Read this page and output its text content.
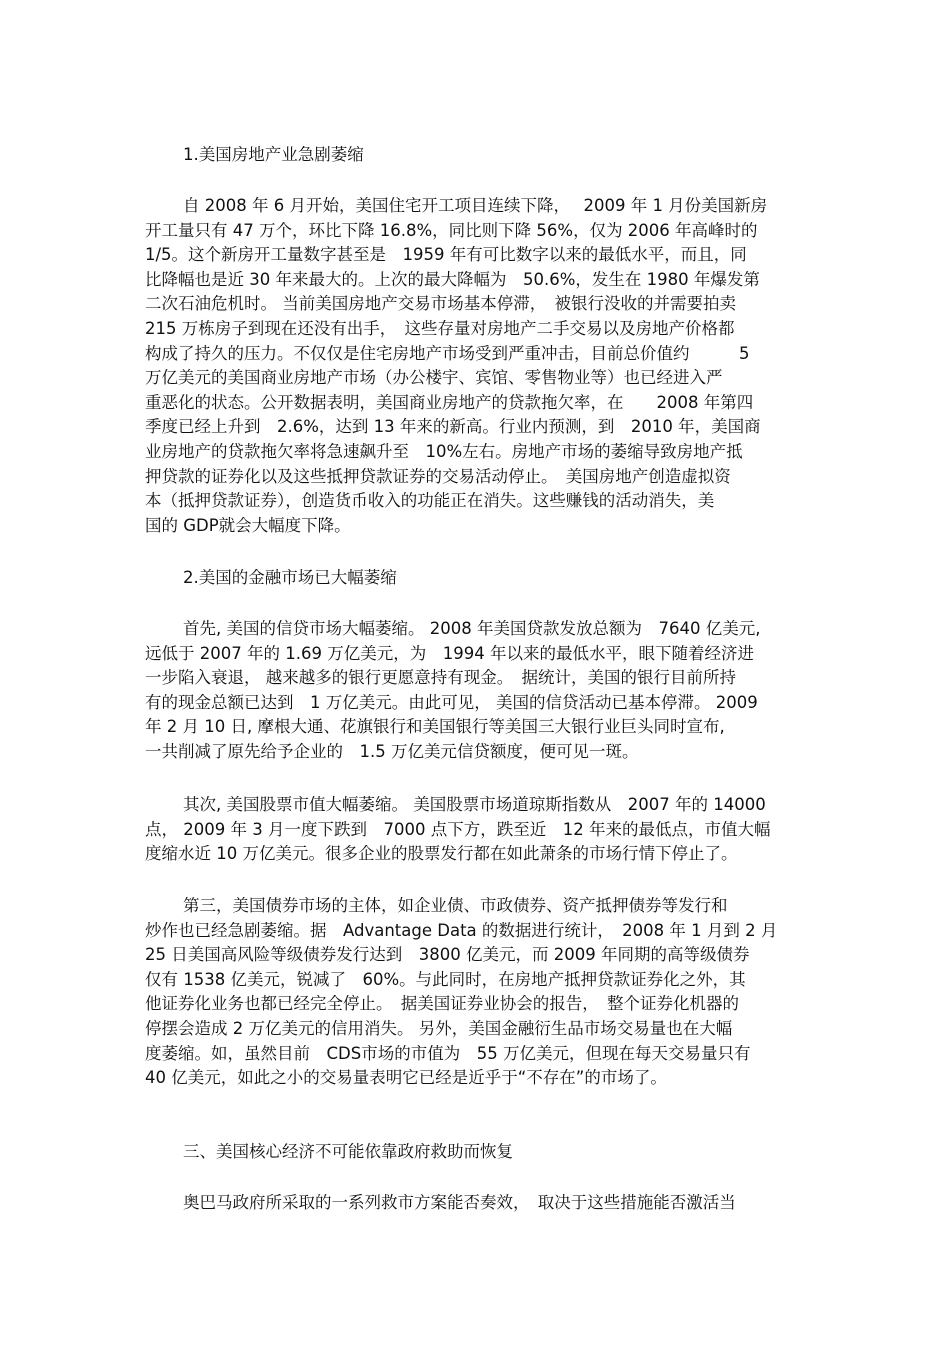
1.美国房地产业急剧萎缩
自 2008 年 6 月开始，美国住宅开工项目连续下降，　 2009 年 1 月份美国新房
开工量只有 47 万个，环比下降 16.8%，同比则下降 56%，仅为 2006 年高峰时的
1/5。这个新房开工量数字甚至是　1959 年有可比数字以来的最低水平，而且，同
比降幅也是近 30 年来最大的。上次的最大降幅为　50.6%，发生在 1980 年爆发第
二次石油危机时。 当前美国房地产交易市场基本停滞，　被银行没收的并需要拍卖
215 万栋房子到现在还没有出手，　这些存量对房地产二手交易以及房地产价格都
构成了持久的压力。不仅仅是住宅房地产市场受到严重冲击，目前总价值约　　　5
万亿美元的美国商业房地产市场（办公楼宇、宾馆、零售物业等）也已经进入严
重恶化的状态。公开数据表明，美国商业房地产的贷款拖欠率，在　　2008 年第四
季度已经上升到　2.6%，达到 13 年来的新高。行业内预测，到　2010 年，美国商
业房地产的贷款拖欠率将急速飙升至　10%左右。房地产市场的萎缩导致房地产抵
押贷款的证券化以及这些抵押贷款证券的交易活动停止。　美国房地产创造虚拟资
本（抵押贷款证券），创造货币收入的功能正在消失。这些赚钱的活动消失，美
国的 GDP就会大幅度下降。
2.美国的金融市场已大幅萎缩
首先, 美国的信贷市场大幅萎缩。 2008 年美国贷款发放总额为　7640 亿美元,
远低于 2007 年的 1.69 万亿美元，为　1994 年以来的最低水平，眼下随着经济进
一步陷入衰退， 越来越多的银行更愿意持有现金。　据统计，美国的银行目前所持
有的现金总额已达到　1 万亿美元。由此可见， 美国的信贷活动已基本停滞。 2009
年 2 月 10 日, 摩根大通、花旗银行和美国银行等美国三大银行业巨头同时宣布,
一共削减了原先给予企业的　1.5 万亿美元信贷额度，便可见一斑。
其次, 美国股票市值大幅萎缩。 美国股票市场道琼斯指数从　2007 年的 14000
点， 2009 年 3 月一度下跌到　7000 点下方，跌至近　12 年来的最低点，市值大幅
度缩水近 10 万亿美元。很多企业的股票发行都在如此萧条的市场行情下停止了。
第三，美国债券市场的主体，如企业债、市政债券、资产抵押债券等发行和
炒作也已经急剧萎缩。据　Advantage Data 的数据进行统计，　2008 年 1 月到 2 月
25 日美国高风险等级债券发行达到　3800 亿美元，而 2009 年同期的高等级债券
仅有 1538 亿美元，锐减了　60%。与此同时，在房地产抵押贷款证券化之外，其
他证券化业务也都已经完全停止。　据美国证券业协会的报告，　整个证券化机器的
停摆会造成 2 万亿美元的信用消失。 另外，美国金融衍生品市场交易量也在大幅
度萎缩。如，虽然目前　CDS市场的市值为　55 万亿美元，但现在每天交易量只有
40 亿美元，如此之小的交易量表明它已经是近乎于“不存在”的市场了。
三、美国核心经济不可能依靠政府救助而恢复
奥巴马政府所采取的一系列救市方案能否奏效，　取决于这些措施能否激活当
